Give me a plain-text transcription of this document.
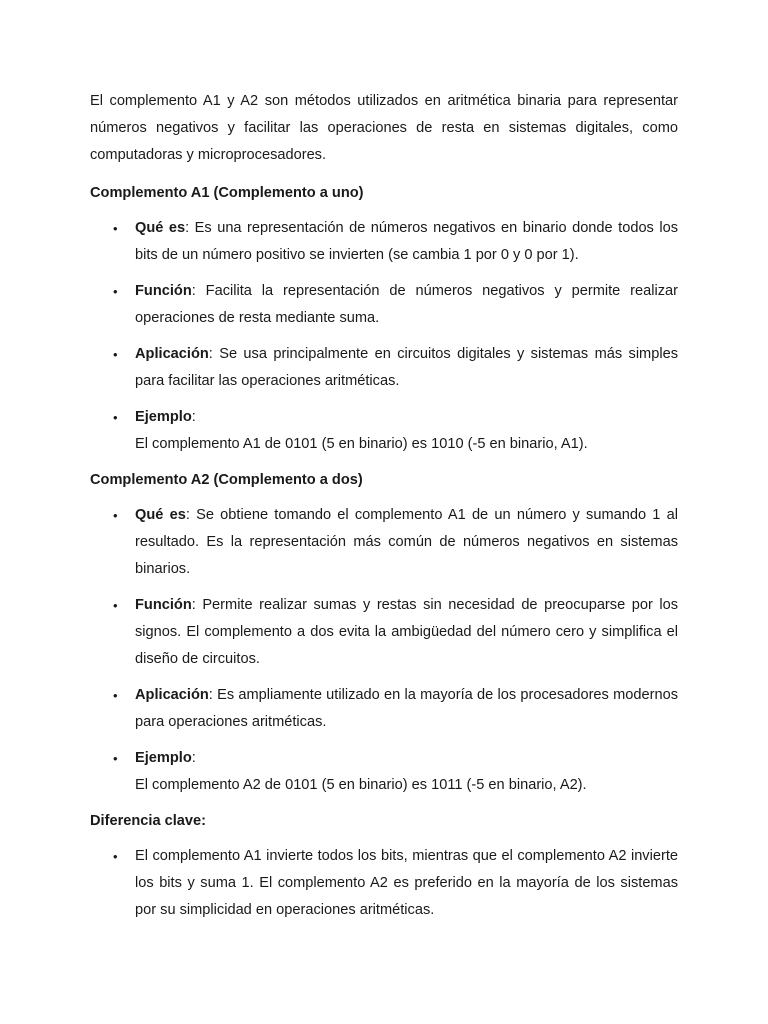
El complemento A1 y A2 son métodos utilizados en aritmética binaria para representar números negativos y facilitar las operaciones de resta en sistemas digitales, como computadoras y microprocesadores.

Complemento A1 (Complemento a uno)
• Qué es: Es una representación de números negativos en binario donde todos los bits de un número positivo se invierten (se cambia 1 por 0 y 0 por 1).
• Función: Facilita la representación de números negativos y permite realizar operaciones de resta mediante suma.
• Aplicación: Se usa principalmente en circuitos digitales y sistemas más simples para facilitar las operaciones aritméticas.
• Ejemplo:
El complemento A1 de 0101 (5 en binario) es 1010 (-5 en binario, A1).
Complemento A2 (Complemento a dos)
• Qué es: Se obtiene tomando el complemento A1 de un número y sumando 1 al resultado. Es la representación más común de números negativos en sistemas binarios.
• Función: Permite realizar sumas y restas sin necesidad de preocuparse por los signos. El complemento a dos evita la ambigüedad del número cero y simplifica el diseño de circuitos.
• Aplicación: Es ampliamente utilizado en la mayoría de los procesadores modernos para operaciones aritméticas.
• Ejemplo:
El complemento A2 de 0101 (5 en binario) es 1011 (-5 en binario, A2).
Diferencia clave:
• El complemento A1 invierte todos los bits, mientras que el complemento A2 invierte los bits y suma 1. El complemento A2 es preferido en la mayoría de los sistemas por su simplicidad en operaciones aritméticas.
